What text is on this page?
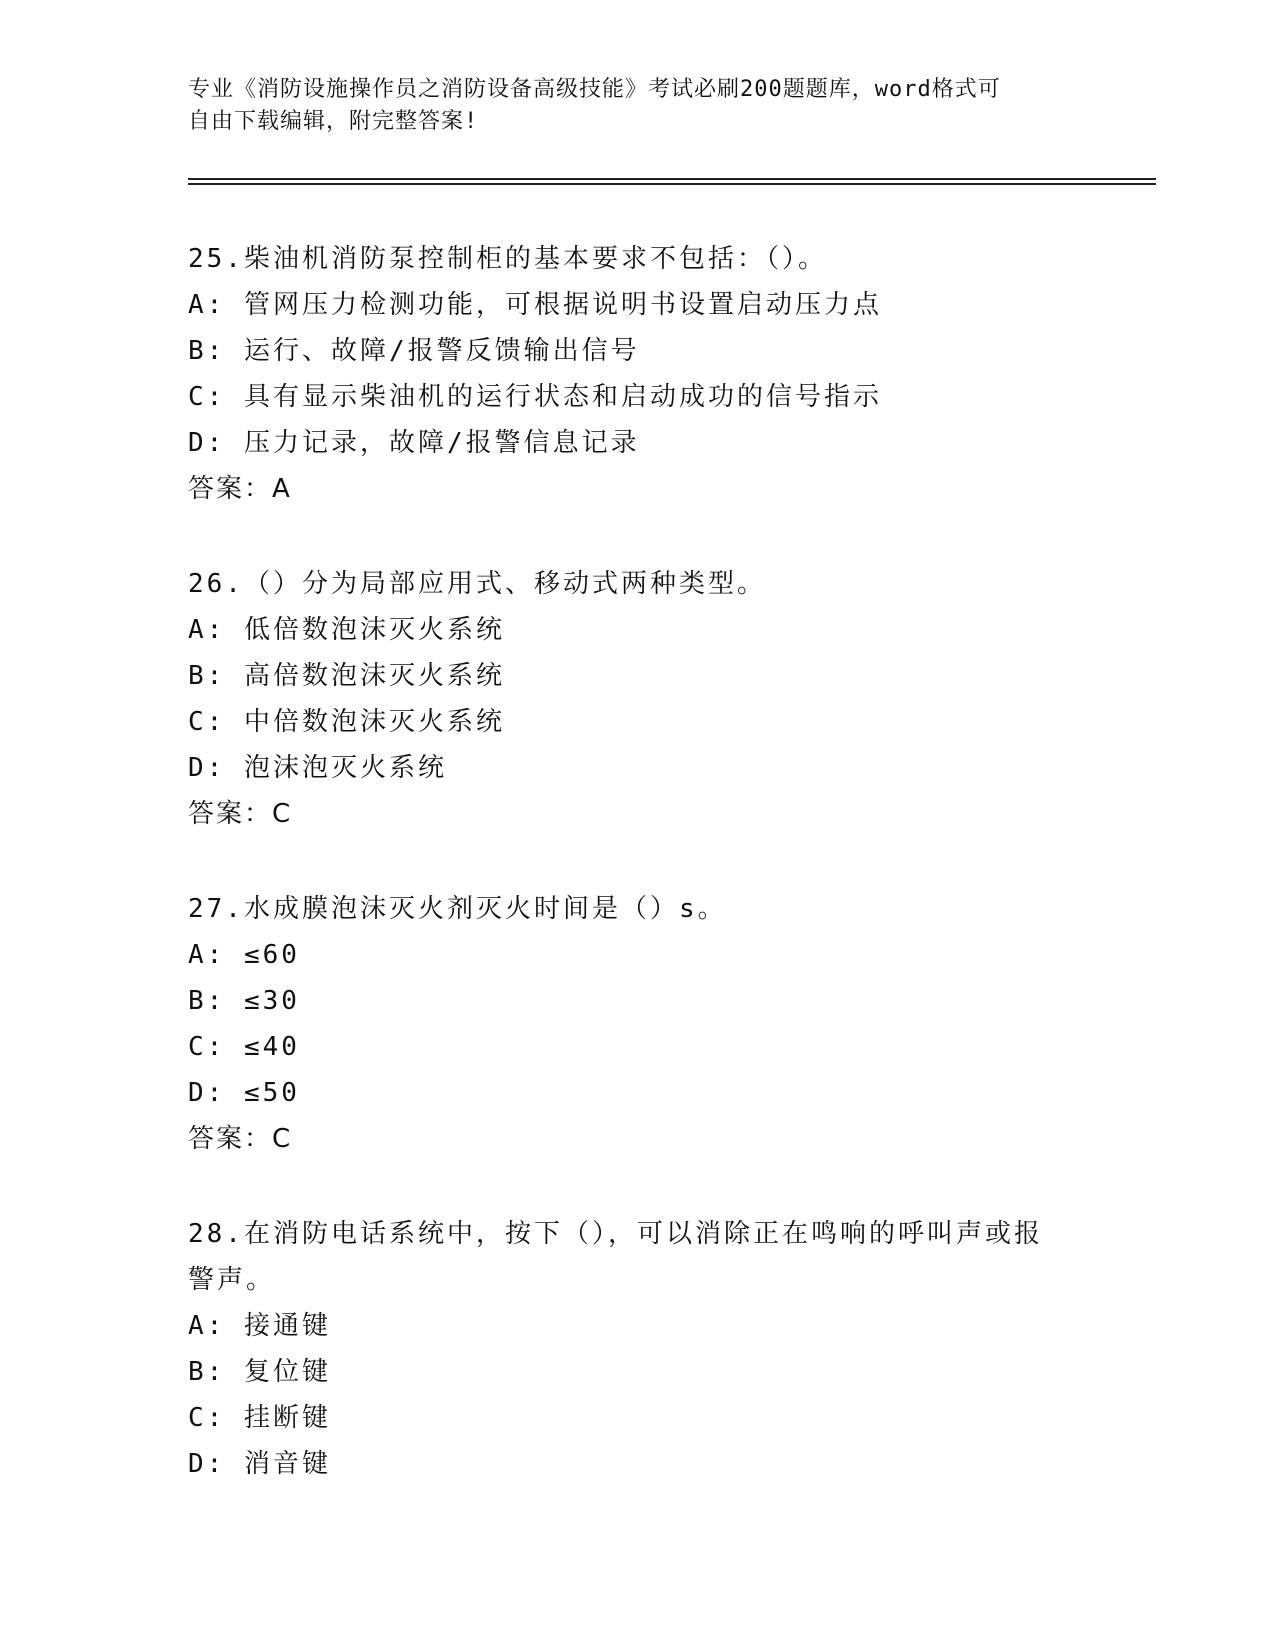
专业《消防设施操作员之消防设备高级技能》考试必刷200题题库，word格式可
自由下载编辑，附完整答案!

25.柴油机消防泵控制柜的基本要求不包括：（）。

A: 管网压力检测功能，可根据说明书设置启动压力点

B: 运行、故障/报警反馈输出信号

C: 具有显示柴油机的运行状态和启动成功的信号指示

D: 压力记录，故障/报警信息记录

答案：A

26.（）分为局部应用式、移动式两种类型。

A: 低倍数泡沫灭火系统

B: 高倍数泡沫灭火系统

C: 中倍数泡沫灭火系统

D: 泡沫泡灭火系统

答案：C

27.水成膜泡沫灭火剂灭火时间是（）s。

A: ≤60

B: ≤30

C: ≤40

D: ≤50

答案：C

28.在消防电话系统中，按下（），可以消除正在鸣响的呼叫声或报警声。

A: 接通键

B: 复位键

C: 挂断键

D: 消音键
